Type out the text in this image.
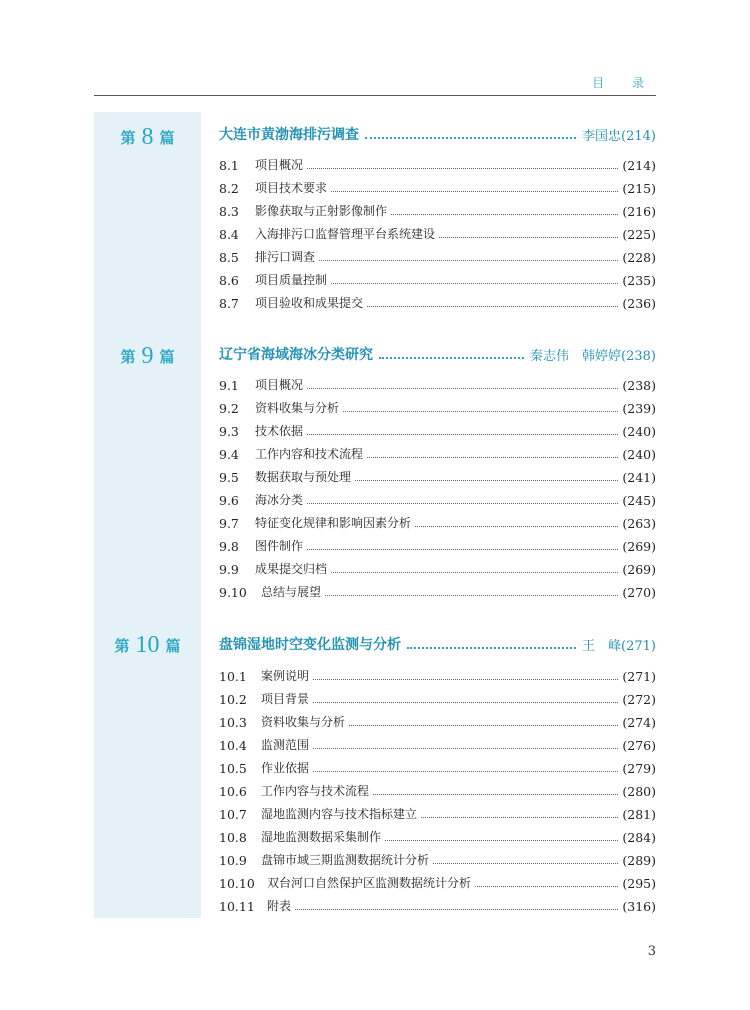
目 录
第 8 篇	大连市黄渤海排污调查	李国忠(214)
8.1	项目概况	(214)
8.2	项目技术要求	(215)
8.3	影像获取与正射影像制作	(216)
8.4	入海排污口监督管理平台系统建设	(225)
8.5	排污口调查	(228)
8.6	项目质量控制	(235)
8.7	项目验收和成果提交	(236)
第 9 篇	辽宁省海域海冰分类研究	秦志伟　韩婷婷(238)
9.1	项目概况	(238)
9.2	资料收集与分析	(239)
9.3	技术依据	(240)
9.4	工作内容和技术流程	(240)
9.5	数据获取与预处理	(241)
9.6	海冰分类	(245)
9.7	特征变化规律和影响因素分析	(263)
9.8	图件制作	(269)
9.9	成果提交归档	(269)
9.10	总结与展望	(270)
第 10 篇	盘锦湿地时空变化监测与分析	王　峰(271)
10.1	案例说明	(271)
10.2	项目背景	(272)
10.3	资料收集与分析	(274)
10.4	监测范围	(276)
10.5	作业依据	(279)
10.6	工作内容与技术流程	(280)
10.7	湿地监测内容与技术指标建立	(281)
10.8	湿地监测数据采集制作	(284)
10.9	盘锦市域三期监测数据统计分析	(289)
10.10	双台河口自然保护区监测数据统计分析	(295)
10.11	附表	(316)
3
